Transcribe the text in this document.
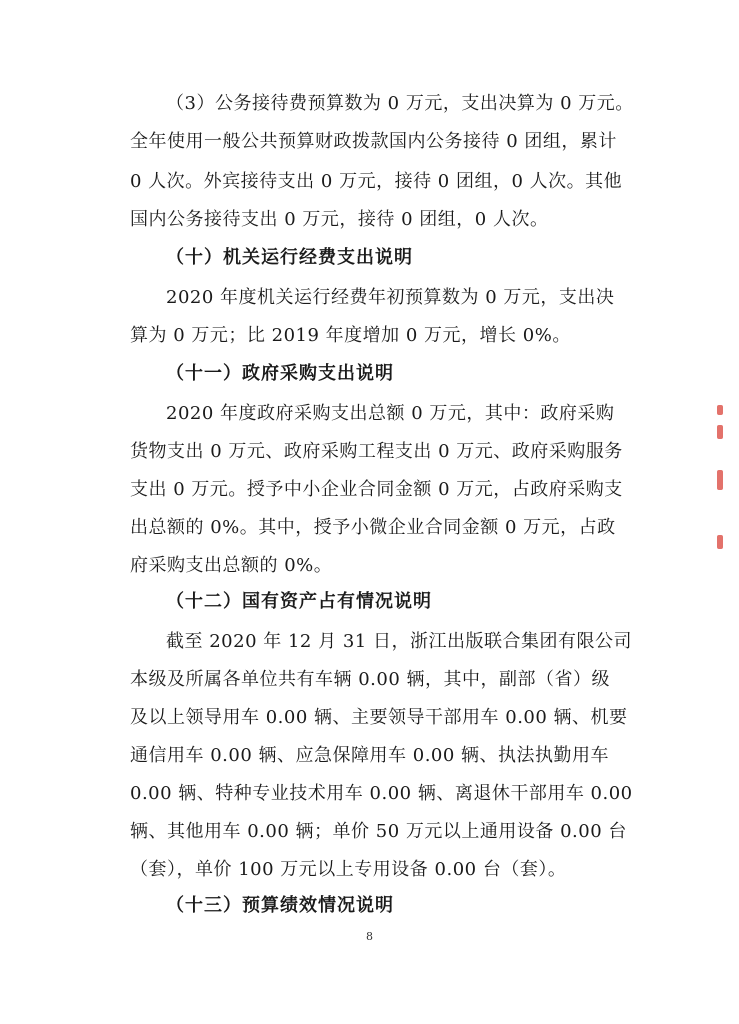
（3）公务接待费预算数为 0 万元，支出决算为 0 万元。
全年使用一般公共预算财政拨款国内公务接待 0 团组，累计
0 人次。外宾接待支出 0 万元，接待 0 团组，0 人次。其他
国内公务接待支出 0 万元，接待 0 团组，0 人次。
（十）机关运行经费支出说明
2020 年度机关运行经费年初预算数为 0 万元，支出决
算为 0 万元；比 2019 年度增加 0 万元，增长 0%。
（十一）政府采购支出说明
2020 年度政府采购支出总额 0 万元，其中：政府采购
货物支出 0 万元、政府采购工程支出 0 万元、政府采购服务
支出 0 万元。授予中小企业合同金额 0 万元，占政府采购支
出总额的 0%。其中，授予小微企业合同金额 0 万元，占政
府采购支出总额的 0%。
（十二）国有资产占有情况说明
截至 2020 年 12 月 31 日，浙江出版联合集团有限公司
本级及所属各单位共有车辆 0.00 辆，其中，副部（省）级
及以上领导用车 0.00 辆、主要领导干部用车 0.00 辆、机要
通信用车 0.00 辆、应急保障用车 0.00 辆、执法执勤用车
0.00 辆、特种专业技术用车 0.00 辆、离退休干部用车 0.00
辆、其他用车 0.00 辆；单价 50 万元以上通用设备 0.00 台
（套），单价 100 万元以上专用设备 0.00 台（套）。
（十三）预算绩效情况说明
8
